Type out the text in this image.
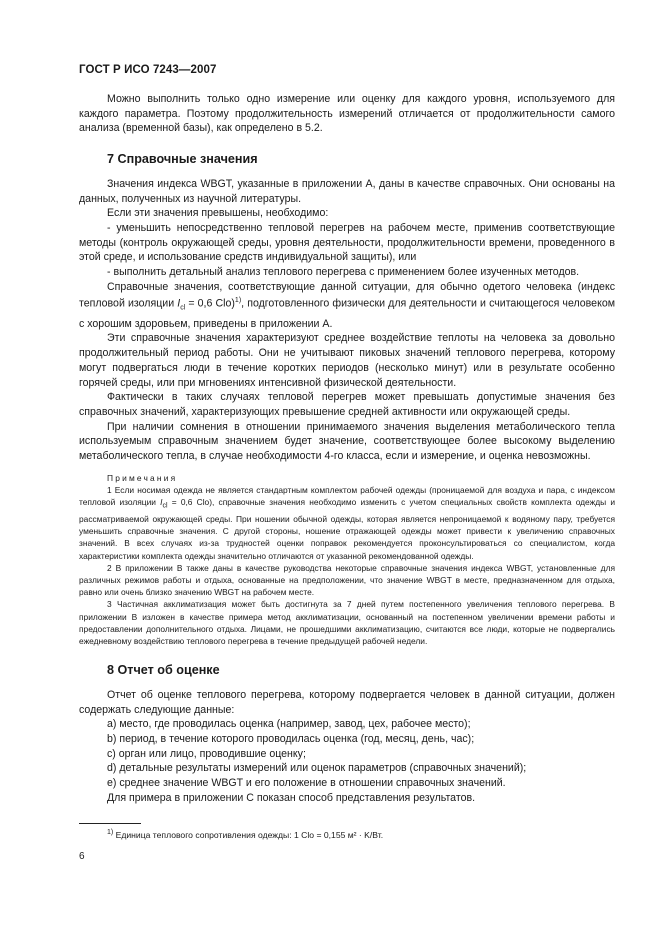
ГОСТ Р ИСО 7243—2007

Можно выполнить только одно измерение или оценку для каждого уровня, используемого для каждого параметра. Поэтому продолжительность измерений отличается от продолжительности самого анализа (временной базы), как определено в 5.2.

7 Справочные значения

Значения индекса WBGT, указанные в приложении А, даны в качестве справочных. Они основаны на данных, полученных из научной литературы.

Если эти значения превышены, необходимо:

- уменьшить непосредственно тепловой перегрев на рабочем месте, применив соответствующие методы (контроль окружающей среды, уровня деятельности, продолжительности времени, проведенного в этой среде, и использование средств индивидуальной защиты), или

- выполнить детальный анализ теплового перегрева с применением более изученных методов.

Справочные значения, соответствующие данной ситуации, для обычно одетого человека (индекс тепловой изоляции $I_{cl} = 0,6$ Clo)$^{1)}$, подготовленного физически для деятельности и считающегося человеком с хорошим здоровьем, приведены в приложении А.

Эти справочные значения характеризуют среднее воздействие теплоты на человека за довольно продолжительный период работы. Они не учитывают пиковых значений теплового перегрева, которому могут подвергаться люди в течение коротких периодов (несколько минут) или в результате особенно горячей среды, или при мгновениях интенсивной физической деятельности.

Фактически в таких случаях тепловой перегрев может превышать допустимые значения без справочных значений, характеризующих превышение средней активности или окружающей среды.

При наличии сомнения в отношении принимаемого значения выделения метаболического тепла используемым справочным значением будет значение, соответствующее более высокому выделению метаболического тепла, в случае необходимости 4-го класса, если и измерение, и оценка невозможны.

Примечания

1 Если носимая одежда не является стандартным комплектом рабочей одежды (проницаемой для воздуха и пара, с индексом тепловой изоляции $I_{cl} = 0,6$ Clo), справочные значения необходимо изменить с учетом специальных свойств комплекта одежды и рассматриваемой окружающей среды. При ношении обычной одежды, которая является непроницаемой к водяному пару, требуется уменьшить справочные значения. С другой стороны, ношение отражающей одежды может привести к увеличению справочных значений. В всех случаях из-за трудностей оценки поправок рекомендуется проконсультироваться со специалистом, когда характеристики комплекта одежды значительно отличаются от указанной рекомендованной одежды.

2 В приложении В также даны в качестве руководства некоторые справочные значения индекса WBGT, установленные для различных режимов работы и отдыха, основанные на предположении, что значение WBGT в месте, предназначенном для отдыха, равно или очень близко значению WBGT на рабочем месте.

3 Частичная акклиматизация может быть достигнута за 7 дней путем постепенного увеличения теплового перегрева. В приложении В изложен в качестве примера метод акклиматизации, основанный на постепенном увеличении времени работы и предоставлении дополнительного отдыха. Лицами, не прошедшими акклиматизацию, считаются все люди, которые не подвергались ежедневному воздействию теплового перегрева в течение предыдущей рабочей недели.

8 Отчет об оценке

Отчет об оценке теплового перегрева, которому подвергается человек в данной ситуации, должен содержать следующие данные:

а) место, где проводилась оценка (например, завод, цех, рабочее место);

b) период, в течение которого проводилась оценка (год, месяц, день, час);

c) орган или лицо, проводившие оценку;

d) детальные результаты измерений или оценок параметров (справочных значений);

e) среднее значение WBGT и его положение в отношении справочных значений.

Для примера в приложении С показан способ представления результатов.

$^{1)}$ Единица теплового сопротивления одежды: 1 Clo = 0,155 м² · K/Вт.
6
